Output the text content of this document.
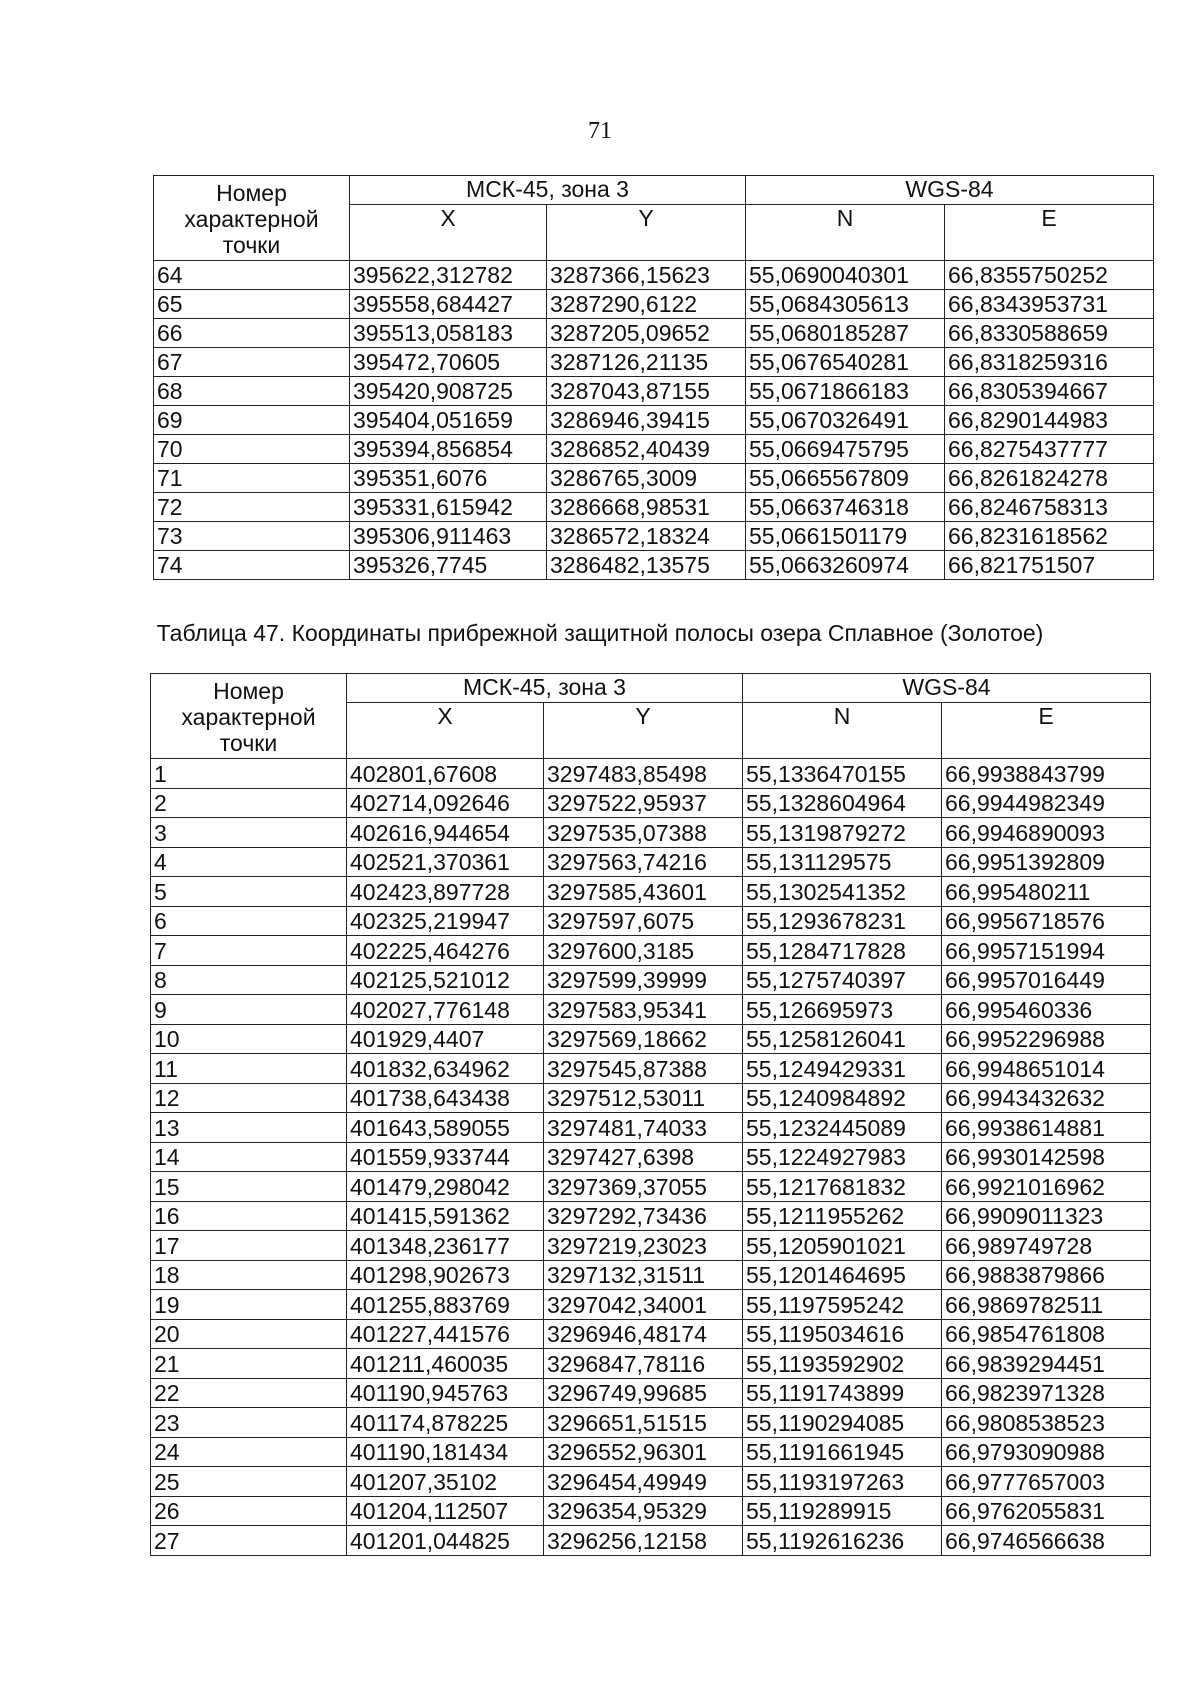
71
Номер характерной точки	МСК-45, зона 3		WGS-84	
	X	Y	N	E
64	395622,312782	3287366,15623	55,0690040301	66,8355750252
65	395558,684427	3287290,6122	55,0684305613	66,8343953731
66	395513,058183	3287205,09652	55,0680185287	66,8330588659
67	395472,70605	3287126,21135	55,0676540281	66,8318259316
68	395420,908725	3287043,87155	55,0671866183	66,8305394667
69	395404,051659	3286946,39415	55,0670326491	66,8290144983
70	395394,856854	3286852,40439	55,0669475795	66,8275437777
71	395351,6076	3286765,3009	55,0665567809	66,8261824278
72	395331,615942	3286668,98531	55,0663746318	66,8246758313
73	395306,911463	3286572,18324	55,0661501179	66,8231618562
74	395326,7745	3286482,13575	55,0663260974	66,821751507
Таблица 47. Координаты прибрежной защитной полосы озера Сплавное (Золотое)
Номер характерной точки	МСК-45, зона 3		WGS-84	
	X	Y	N	E
1	402801,67608	3297483,85498	55,1336470155	66,9938843799
2	402714,092646	3297522,95937	55,1328604964	66,9944982349
3	402616,944654	3297535,07388	55,1319879272	66,9946890093
4	402521,370361	3297563,74216	55,131129575	66,9951392809
5	402423,897728	3297585,43601	55,1302541352	66,995480211
6	402325,219947	3297597,6075	55,1293678231	66,9956718576
7	402225,464276	3297600,3185	55,1284717828	66,9957151994
8	402125,521012	3297599,39999	55,1275740397	66,9957016449
9	402027,776148	3297583,95341	55,126695973	66,995460336
10	401929,4407	3297569,18662	55,1258126041	66,9952296988
11	401832,634962	3297545,87388	55,1249429331	66,9948651014
12	401738,643438	3297512,53011	55,1240984892	66,9943432632
13	401643,589055	3297481,74033	55,1232445089	66,9938614881
14	401559,933744	3297427,6398	55,1224927983	66,9930142598
15	401479,298042	3297369,37055	55,1217681832	66,9921016962
16	401415,591362	3297292,73436	55,1211955262	66,9909011323
17	401348,236177	3297219,23023	55,1205901021	66,989749728
18	401298,902673	3297132,31511	55,1201464695	66,9883879866
19	401255,883769	3297042,34001	55,1197595242	66,9869782511
20	401227,441576	3296946,48174	55,1195034616	66,9854761808
21	401211,460035	3296847,78116	55,1193592902	66,9839294451
22	401190,945763	3296749,99685	55,1191743899	66,9823971328
23	401174,878225	3296651,51515	55,1190294085	66,9808538523
24	401190,181434	3296552,96301	55,1191661945	66,9793090988
25	401207,35102	3296454,49949	55,1193197263	66,9777657003
26	401204,112507	3296354,95329	55,119289915	66,9762055831
27	401201,044825	3296256,12158	55,1192616236	66,9746566638
